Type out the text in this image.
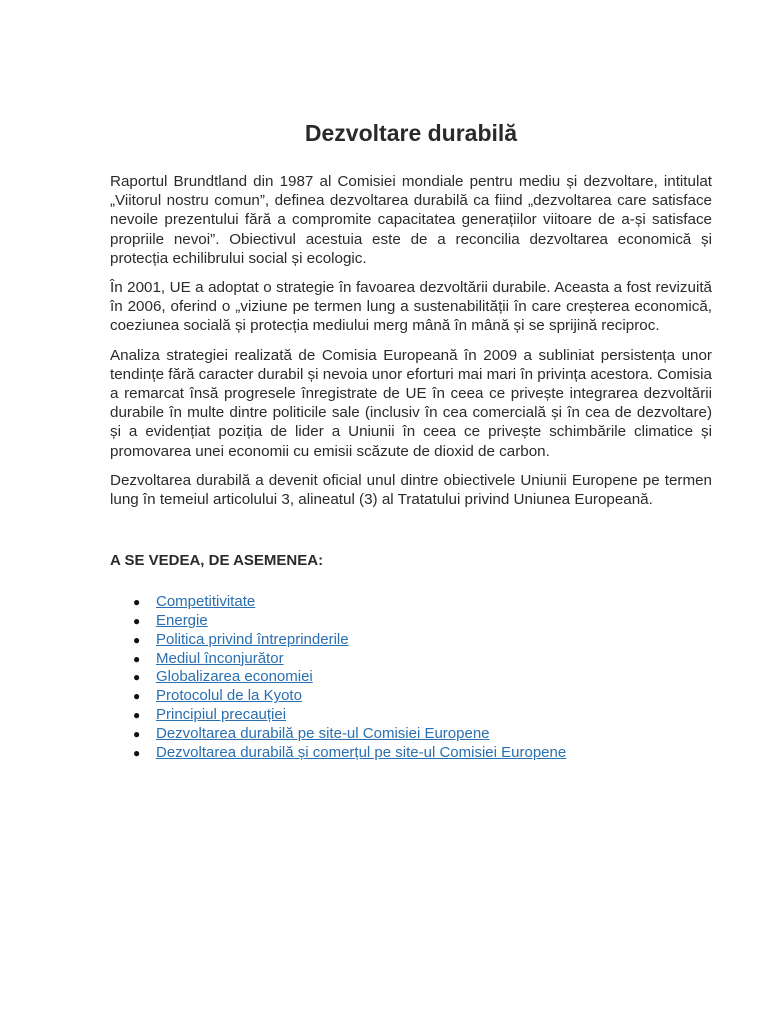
Dezvoltare durabilă

Raportul Brundtland din 1987 al Comisiei mondiale pentru mediu și dezvoltare, intitulat „Viitorul nostru comun”, definea dezvoltarea durabilă ca fiind „dezvoltarea care satisface nevoile prezentului fără a compromite capacitatea generațiilor viitoare de a-și satisface propriile nevoi”. Obiectivul acestuia este de a reconcilia dezvoltarea economică și protecția echilibrului social și ecologic.

În 2001, UE a adoptat o strategie în favoarea dezvoltării durabile. Aceasta a fost revizuită în 2006, oferind o „viziune pe termen lung a sustenabilității în care creșterea economică, coeziunea socială și protecția mediului merg mână în mână și se sprijină reciproc.

Analiza strategiei realizată de Comisia Europeană în 2009 a subliniat persistența unor tendințe fără caracter durabil și nevoia unor eforturi mai mari în privința acestora. Comisia a remarcat însă progresele înregistrate de UE în ceea ce privește integrarea dezvoltării durabile în multe dintre politicile sale (inclusiv în cea comercială și în cea de dezvoltare) și a evidențiat poziția de lider a Uniunii în ceea ce privește schimbările climatice și promovarea unei economii cu emisii scăzute de dioxid de carbon.

Dezvoltarea durabilă a devenit oficial unul dintre obiectivele Uniunii Europene pe termen lung în temeiul articolului 3, alineatul (3) al Tratatului privind Uniunea Europeană.

A SE VEDEA, DE ASEMENEA:
● Competitivitate
● Energie
● Politica privind întreprinderile
● Mediul înconjurător
● Globalizarea economiei
● Protocolul de la Kyoto
● Principiul precauției
● Dezvoltarea durabilă pe site-ul Comisiei Europene
● Dezvoltarea durabilă și comerțul pe site-ul Comisiei Europene
